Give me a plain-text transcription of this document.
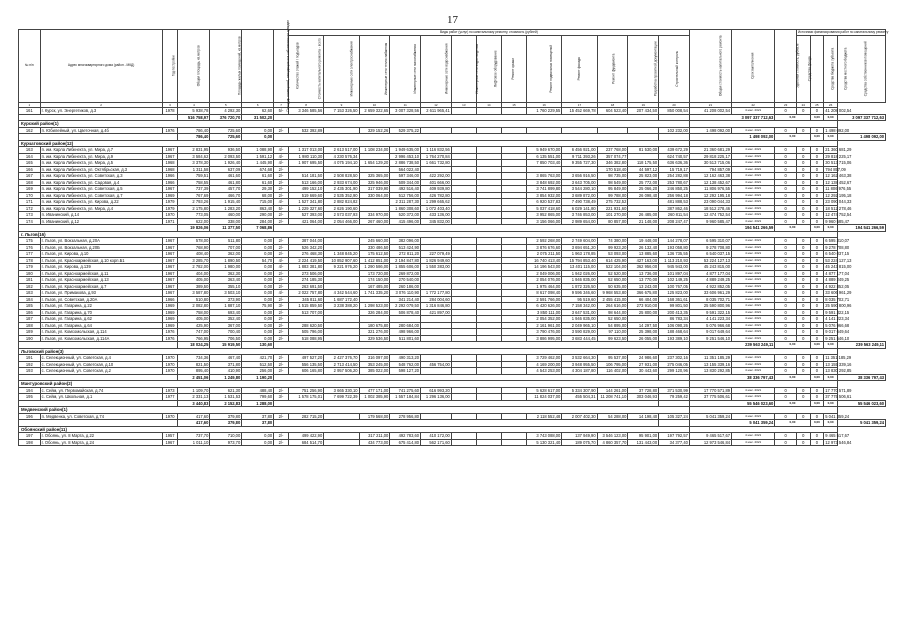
17
№ п/п	Адрес многоквартирного дома (район - МКД)	Год постройки	Общая площадь, кв.метров	Площадь жилых помещений, кв.метров	Площадь помещений, находящихся в собственности граждан	Количество этажей / подъездов	Виды работ (услуг) по капитальному ремонту, стоимость (рублей)													Общая стоимость капитального ремонта	Срок выполнения	Удельная стоимость, руб/кв.м	Источники финансирования работ по капитальному ремонту			
							Стоимость капитального ремонта - всего	Инженерные сети электроснабжения	Инженерные сети теплоснабжения	Инженерные сети газоснабжения	Инженерные сети водоснабжения	Инженерные сети водоотведения	Лифтовое оборудование	Ремонт крыши	Ремонт подвальных помещений	Ремонт фасада	Ремонт фундамента	Разработка проектной документации	Строительный контроль				Средства фонда	Средства бюджета субъекта	Средства местного бюджета	Средства собственников помещений
1	2	3	4	5	6	7	8	9	10	11	12	13	14	15	16	17	18	19	20	21	22	23	24	25	26	
161	г. Курск, ул. Энергетиков, д.3	1978	5 938,78	4 292,30	62,60	5/-	3 346 585,56	7 153 326,50	2 659 322,65	3 007 328,56	2 611 965,41				1 760 229,55	15 452 669,78	604 523,40	207 434,50	850 008,54	41 208 002,54	4 мес. 2021	0	0	0	41 208 002,54	
			516 758,97	376 720,70	31 502,20															3 097 337 712,63		0,00		0,00	0,00	3 097 337 712,63
Курский район(1)																										
162	п. Юбилейный, ул. Цветочная, д.4б	1976	786,40	725,60	0,00	2/-	532 392,89		329 152,26	529 375,22									102 232,00	1 498 092,00	4 мес. 2021	0	0	0	1 498 092,00	
			786,40	725,60	0,00															1 498 092,00		0,00		0,00	0,00	1 498 092,00
Курчатовский район(12)																										
163	п. им. Карла Либкнехта, ул. Мира, д.7	1967	2 831,95	936,50	1 088,90	4/-	1 317 013,00	2 613 517,00	1 108 234,00	1 949 635,00	1 116 832,56				5 949 670,00	6 456 921,00	237 768,00	81 530,00	439 672,29	21 360 681,29	4 мес. 2021	0	0	0	21 360 681,29	
164	п. им. Карла Либкнехта, ул. Мира, д.9	1967	3 584,62	2 093,50	1 591,12	4/-	1 980 110,30	4 230 576,34		2 996 453,10	1 764 270,84				6 135 551,00	9 711 393,26	357 074,77		624 740,57	29 818 225,17	4 мес. 2021	0	0	0	29 818 225,17	
165	п. им. Карла Либкнехта, ул. Мира, д.5	1968	3 378,30	1 926,40	1 445,90	4/-	1 907 695,50	4 075 194,10	1 654 129,20	2 886 738,50	1 661 732,80				7 850 703,40	9 355 727,30	346 382,80	118 175,50	636 636,36	30 513 715,06	4 мес. 2021	0	0	0	30 513 715,06	
166	п. им. Карла Либкнехта, ул. Октябрьская, д.3	1968	1 311,58	637,09	674,68	2/-				564 022,40							170 518,40	44 597,12	15 719,17	794 857,09	4 мес. 2021	0	0	0	794 857,09	
167	п. им. Карла Либкнехта, ул. Советская, д.3	1966	759,51	461,60	61,60	2/-	514 181,50	2 508 828,50	325 365,00	597 346,00	422 292,00				3 865 763,00	3 656 916,50	98 735,00	25 823,00	254 282,88	12 162 463,38	4 мес. 2021	0	0	0	12 162 463,38	
168	п. им. Карла Либкнехта, ул. Садовая, д.4	1966	758,55	461,80	61,60	2/-	513 166,00	2 933 674,00	325 946,00	509 344,00	401 666,00				3 848 692,00	3 643 705,00	98 549,00	25 772,00	253 780,67	12 138 452,67	4 мес. 2021	0	0	0	12 138 452,67	
169	п. им. Карла Либкнехта, ул. Советская, д.5	1967	737,39	457,70	29,30	2/-	499 152,10	2 435 301,90	317 039,90	492 516,40	409 939,80				3 741 899,80	3 544 280,10	95 849,00	25 066,20	246 850,25	11 806 976,55	4 мес. 2021	0	0	0	11 806 976,55	
170	п. им. Карла Либкнехта, ул. Советская, д.7	1969	767,69	466,70	68,00	2/-	519 669,60	2 535 352,90	330 064,00	512 756,00	426 782,80				3 854 932,00	3 689 872,00	99 788,00	26 098,40	256 994,18	12 292 195,18	4 мес. 2021	0	0	0	12 292 195,18	
171	п. им. Карла Либкнехта, ул. Кирова, д.22	1979	2 793,26	1 915,40	715,00	4/-	1 527 341,80	2 882 824,82		2 311 287,30	1 299 665,62				6 920 537,83	7 490 738,49	275 732,52		481 888,53	23 090 044,33	4 мес. 2021	0	0	0	23 090 044,33	
172	п. им. Карла Либкнехта, ул. Мира, д.4	1979	2 175,80	1 283,20	863,40	5/-	1 229 327,60	2 626 190,60		1 860 308,60	1 072 403,40				5 037 418,60	6 029 141,80	221 931,60		387 862,46	18 512 278,46	4 мес. 2021	0	0	0	18 512 278,46	
173	п. Иванинский, д.14	1970	773,05	460,00	290,00	2/-	527 393,00	2 573 037,93	334 970,00	520 372,00	433 136,00				3 952 865,00	3 746 853,00	101 270,00	26 485,00	260 811,54	12 474 752,54	4 мес. 2021	0	0	0	12 474 752,54	
174	п. Иванинский, д.12	1971	622,00	338,00	284,00	2/-	421 064,00	2 054 466,00	267 460,00	415 496,00	345 832,00				3 156 066,00	2 989 654,00	80 857,00	21 148,00	208 247,47	9 960 585,47	4 мес. 2021	0	0	0	9 960 585,47	
			19 826,06	11 377,50	7 068,86															194 541 266,59		0,00		0,00	0,00	194 541 266,59
г. Льгов(16)																										
175	г. Льгов, ул. Вокзальная, д.20А	1967	578,00	511,80	0,00	2/-	387 044,00		245 660,00	382 096,00					2 592 268,00	2 749 604,00	74 380,00	19 448,00	144 278,07	6 595 310,07	4 мес. 2021	0	0	0	6 595 310,07	
176	г. Льгов, ул. Вокзальная, д.20Б	1967	768,90	707,00	0,00	2/-	526 342,20		330 486,50	513 424,90					3 876 676,60	3 694 651,20	99 923,20	26 132,40	193 058,80	9 278 708,80	4 мес. 2021	0	0	0	9 278 708,80	
177	г. Льгов, ул. Кирова, д.10	1967	408,40	362,00	0,00	2/-	276 468,30	1 348 845,20	175 612,50	272 811,20	227 079,49				2 075 211,50	1 963 178,85	53 093,00	13 885,60	136 735,55	6 540 037,15	4 мес. 2021	0	0	0	6 540 037,15	
178	г. Льгов, ул. Красноармейская, д.10 корп.Б1	1967	3 285,70	1 890,50	54,70	4/-	2 224 419,50	10 852 907,60	1 412 851,00	2 194 847,80	1 826 949,60				16 740 413,40	15 794 853,40	614 425,90	427 163,00	1 113 210,93	53 224 127,13	4 мес. 2021	0	0	0	53 224 127,13	
179	г. Льгов, ул. Кирова, д.139	1967	2 782,00	1 980,00	0,00	4/-	1 883 381,80	9 221 976,20	1 290 586,00	1 855 606,00	1 550 383,00				14 196 543,00	13 401 115,00	522 104,00	362 956,00	945 943,00	45 243 815,00	4 мес. 2021	0	0	0	45 243 815,00	
180	г. Льгов, ул. Красноармейская, д.11	1967	404,00	362,30	0,00	2/-	273 506,00		173 720,00	269 872,00					2 049 006,00	1 942 026,00	52 520,00	13 736,00	101 897,04	4 877 177,04	4 мес. 2021	0	0	0	4 877 177,04	
181	г. Льгов, ул. Красноармейская, д.13	1967	405,00	363,40	0,00	2/-	274 185,30		174 150,00	270 540,00					2 054 076,00	1 946 835,00	52 650,00	13 770,00	102 149,25	4 889 249,25	4 мес. 2021	0	0	0	4 889 249,25	
182	г. Льгов, ул. Красноармейская, д.7	1967	389,50	355,10	0,00	2/-	263 691,50		167 485,00	260 186,00					1 975 464,00	1 872 326,50	50 635,00	13 243,00	100 767,05	4 922 852,05	4 мес. 2021	0	0	0	4 922 852,05	
183	г. Льгов, ул. Примакова, д.93	1967	3 587,80	3 503,10	0,00	4/-	2 022 757,80	4 342 544,60	1 741 335,20	3 076 110,90	1 772 177,80				8 617 098,40	9 596 346,60	9 968 553,80	366 675,80	125 823,00	33 606 961,29	4 мес. 2021	0	0	0	33 606 961,29	
184	г. Льгов, ул. Советская, д.20А	1966	510,80	373,90	0,00	2/-	345 811,60	1 687 172,40		341 214,40	284 004,60				2 591 766,00	95 519,60	2 455 415,00	66 404,00	168 361,61	8 035 702,71	4 мес. 2021	0	0	0	8 035 702,71	
185	г. Льгов, ул. Гагарина, д.22	1969	2 082,80	1 887,10	75,90	3/-	1 515 859,50	3 238 388,20	1 298 523,00	2 292 079,50	1 316 846,80				6 420 626,00	7 158 342,00	264 616,00	273 910,00	99 801,50	25 590 800,96	4 мес. 2021	0	0	0	25 590 800,96	
186	г. Льгов, ул. Гагарина, д.70	1969	758,00	693,40	0,00	2/-	513 707,00		326 284,00	506 878,40	421 897,00				3 850 111,00	3 647 531,00	98 644,00	25 800,00	200 413,35	9 591 322,15	4 мес. 2021	0	0	0	9 591 322,15	
187	г. Льгов, ул. Гагарина, д.62	1969	405,00	352,40	0,00	2/-									2 054 352,00	1 946 835,00	52 650,00		86 783,34	4 141 223,34	4 мес. 2021	0	0	0	4 141 223,34	
188	г. Льгов, ул. Гагарина, д.64	1969	425,90	367,00	0,00	2/-	288 620,50		180 675,80	280 684,00					2 161 961,00	2 049 965,10	54 895,00	14 297,50	106 090,26	5 076 966,68	4 мес. 2021	0	0	0	5 076 966,68	
189	г. Льгов, ул. Комсомольская, д.114	1976	747,00	700,40	0,00	2/-	505 796,00		321 276,00	498 966,00					3 790 476,00	3 590 829,00	97 110,00	25 398,00	188 468,64	9 017 649,64	4 мес. 2021	0	0	0	9 017 649,64	
190	г. Льгов, ул. Комсомольская, д.114А	1976	766,95	706,50	0,00	2/-	518 088,95		329 536,50	511 801,60					3 886 995,00	3 683 444,45	99 623,50	26 055,00	193 389,10	9 251 546,10	4 мес. 2021	0	0	0	9 251 546,10	
			18 024,25	15 919,50	130,60															239 563 249,11		0,00		0,00	0,00	239 563 249,11
Льговский район(3)																										
191	с. Селекционный, ул. Советская, д.4	1970	734,36	467,40	421,70	2/-	497 527,20	2 427 376,70	316 097,00	490 313,20					3 729 462,00	3 532 664,30	95 537,00	24 986,60	237 302,16	11 351 185,29	4 мес. 2021	0	0	0	11 351 185,29	
192	с. Селекционный, ул. Советская, д.10	1970	821,50	371,80	512,50	2/-	556 135,50	2 713 414,50	353 245,00	548 762,00	456 754,00				4 169 200,00	3 948 955,50	106 795,00	27 931,00	275 046,05	13 155 339,16	4 мес. 2021	0	0	0	13 155 339,16	
193	с. Селекционный, ул. Советская, д.2	1970	895,40	410,90	256,00	2/-	606 165,80	2 957 506,20	385 022,00	598 127,20					4 543 253,00	4 304 187,80	116 402,00	30 443,60	299 120,96	13 830 292,85	4 мес. 2021	0	0	0	13 830 292,85	
			2 451,06	1 249,80	1 190,20															38 336 797,43		0,00		0,00	0,00	38 336 797,43
Мантуровский район(2)																										
194	с. Сейм, ул. Первомайская, д.74	1973	1 109,70	621,30	488,40	2/-	751 256,90	3 665 330,10	477 171,00	741 275,60	616 993,20				5 628 617,00	5 334 307,90	144 261,00	37 728,80	371 530,99	17 770 571,89	4 мес. 2021	0	0	0	17 770 571,89	
195	с. Сейм, ул. Школьная, д.1	1977	2 331,13	1 531,53	799,60	3/-	1 578 175,01	7 699 722,39	1 002 385,90	1 557 184,84	1 296 136,00				11 824 037,00	455 504,31	11 208 741,10	303 046,93	79 259,42	37 775 506,61	4 мес. 2021	0	0	0	37 775 506,61	
			3 440,83	2 152,83	1 288,00															55 546 023,60		0,00		0,00	0,00	55 546 023,60
Медвенский район(1)																										
196	п. Медвенка, ул. Советская, д.74	1970	417,60	379,80	37,80	2/-	282 715,20		179 568,00	278 956,80					2 118 552,48	2 007 402,30	54 288,00	14 198,40	105 327,24	5 041 359,24	4 мес. 2021	0	0	0	5 041 359,24	
			417,60	379,80	37,80															5 041 359,24		0,00		0,00	0,00	5 041 359,24
Обоянский район(11)																										
197	г. Обоянь, ул. 8 Марта, д.22	1957	737,70	710,00	0,00	2/-	499 422,90		317 211,00	492 783,60	410 172,00				3 743 088,00	137 949,90	3 546 123,00	95 901,00	197 792,57	9 465 517,67	4 мес. 2021	0	0	0	9 465 517,67	
198	г. Обоянь, ул. 8 Марта, д.24	1967	1 011,10	973,70	0,00	2/-	684 514,70		434 773,00	675 414,80	562 171,60				5 130 321,40	189 075,70	4 860 357,70	131 443,00	34 377,40	12 973 546,84	4 мес. 2021	0	0	0	12 973 546,84	
